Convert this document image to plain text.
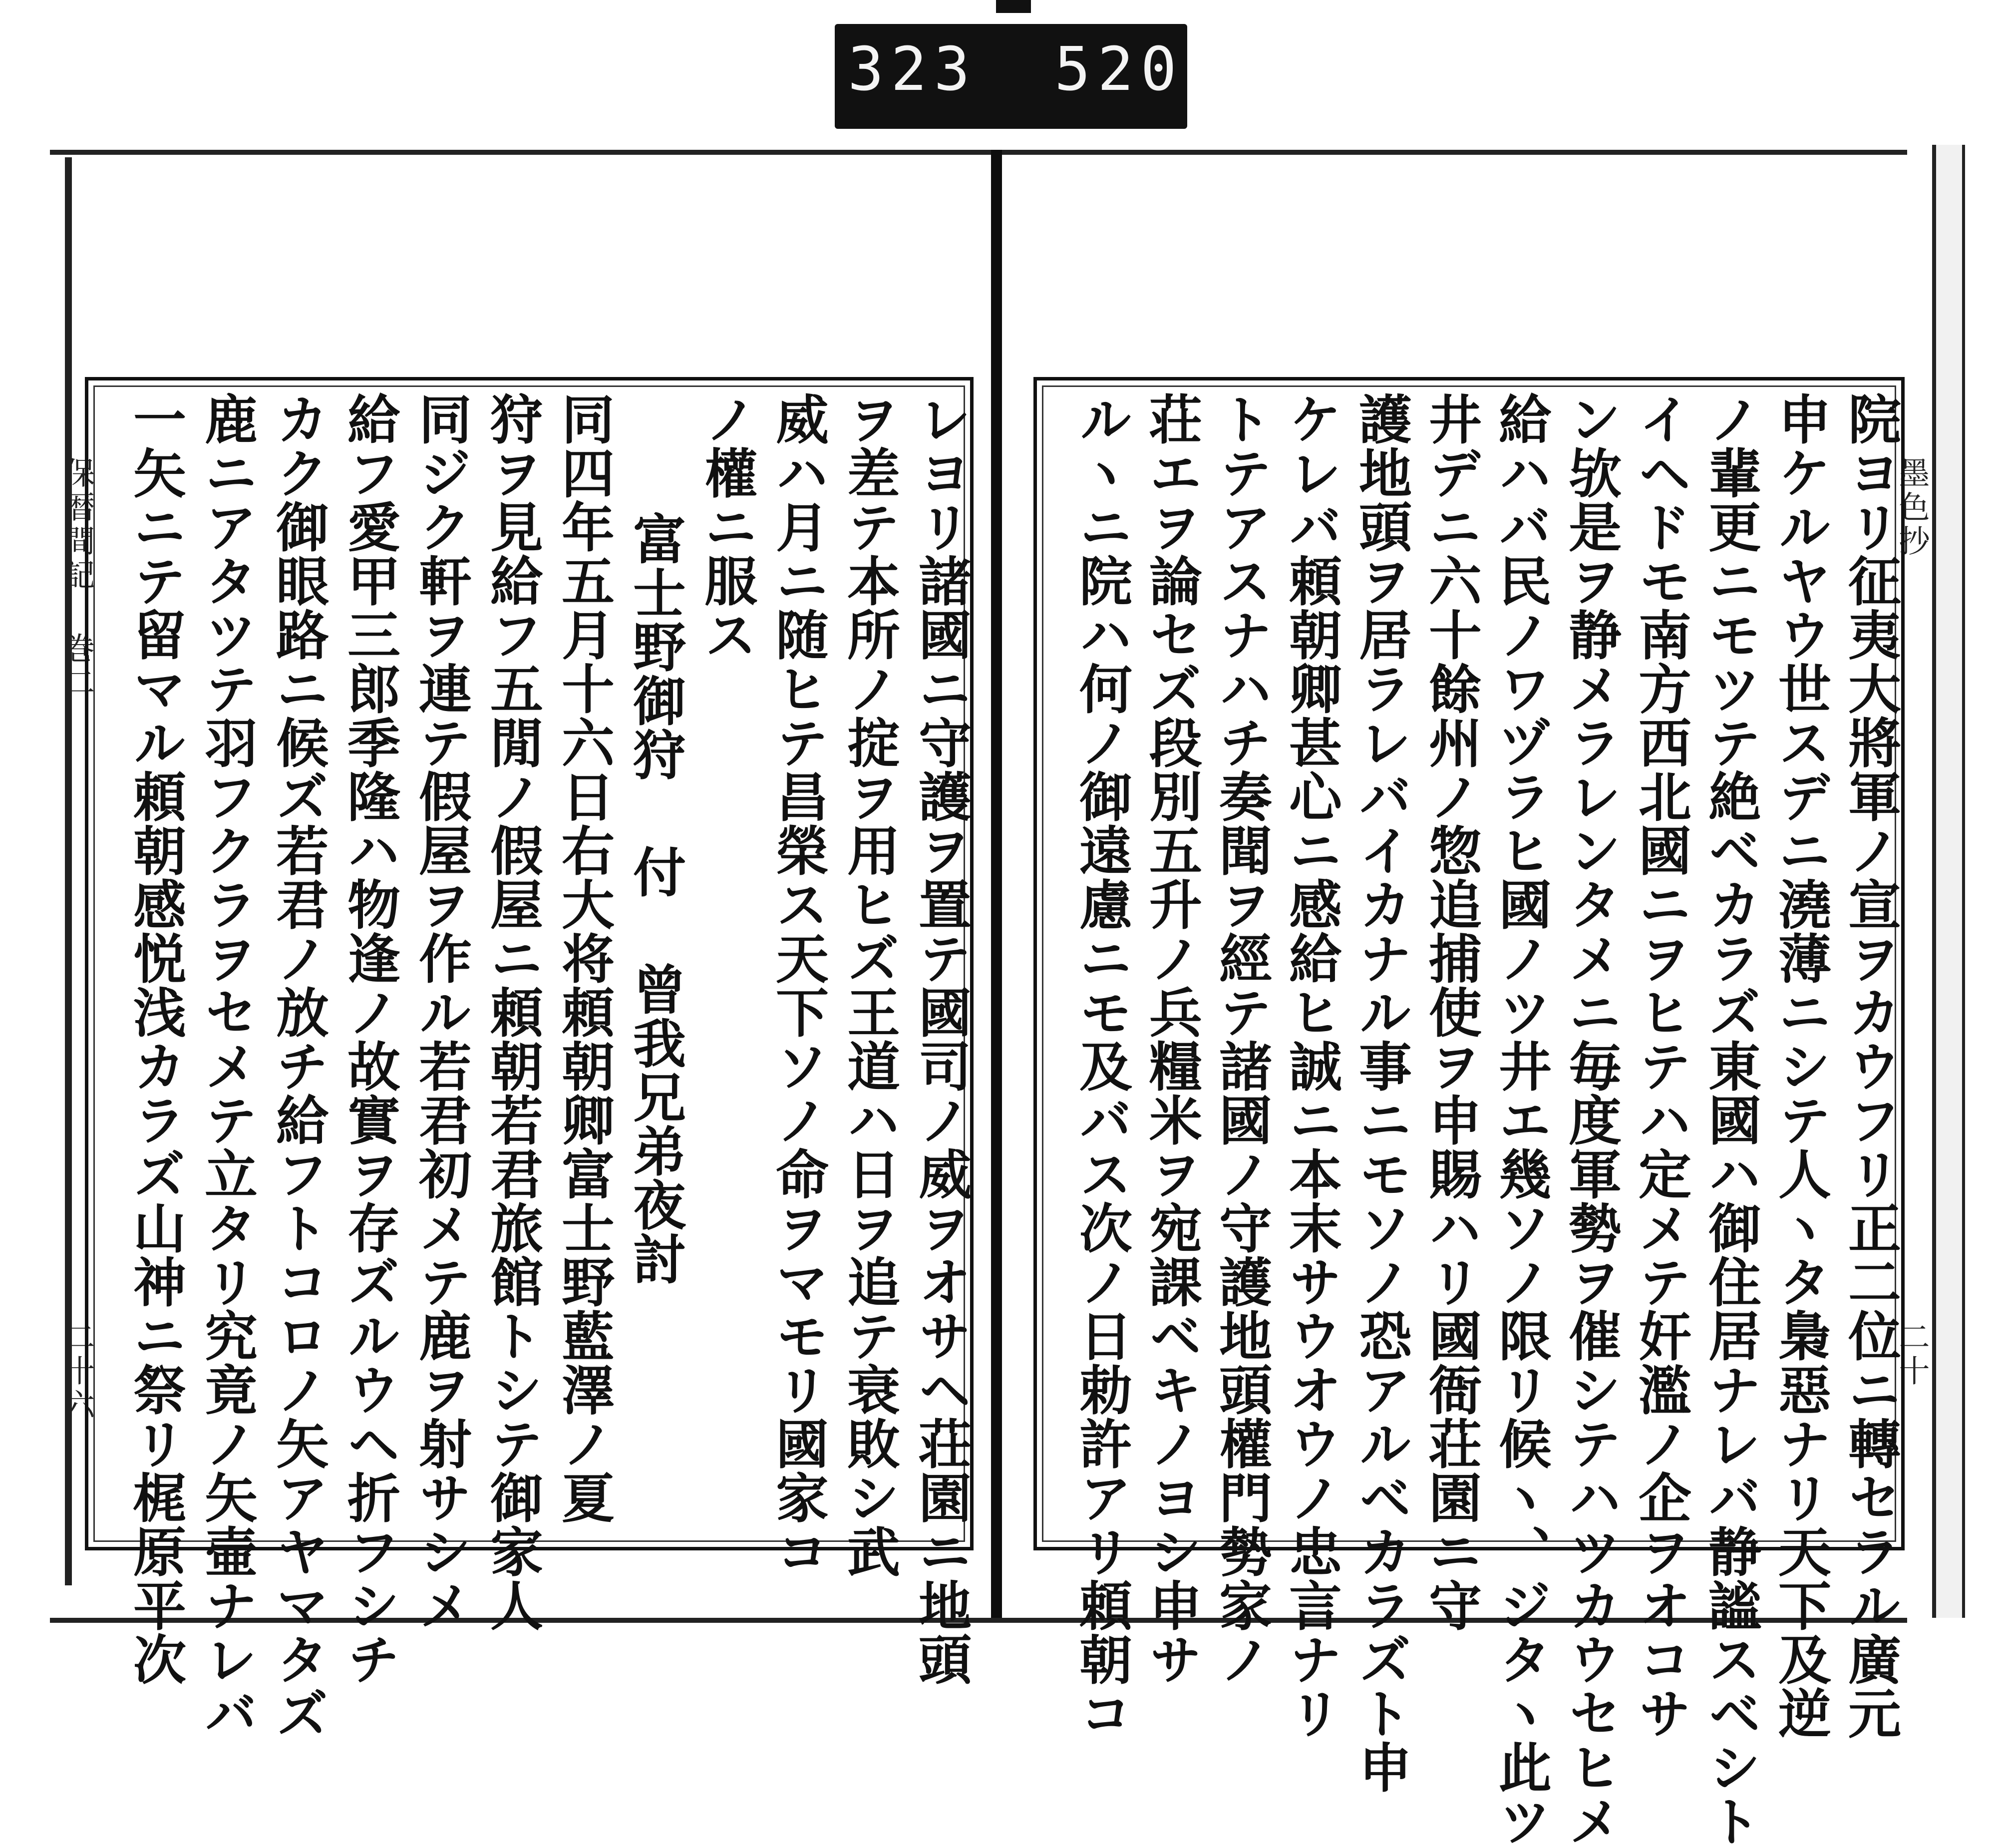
323 520
保暦間記 巻二
二十六	レヨリ諸國ニ守護ヲ置テ國司ノ威ヲオサヘ荘園ニ地頭
ヲ差テ本所ノ掟ヲ用ヒズ王道ハ日ヲ追テ衰敗シ武
威ハ月ニ随ヒテ昌榮ス天下ソノ命ヲマモリ國家コ
ノ權ニ服ス
富士野御狩 付 曾我兄弟夜討
同四年五月十六日右大将頼朝卿富士野藍澤ノ夏
狩ヲ見給フ五閒ノ假屋ニ頼朝若君旅館トシテ御家人
同ジク軒ヲ連テ假屋ヲ作ル若君初メテ鹿ヲ射サシメ
給フ愛甲三郎季隆ハ物逢ノ故實ヲ存ズルウヘ折フシチ
カク御眼路ニ候ズ若君ノ放チ給フトコロノ矢アヤマタズ
鹿ニアタツテ羽フクラヲセメテ立タリ究竟ノ矢壷ナレバ
一矢ニテ留マル頼朝感悦浅カラズ山神ニ祭リ梶原平次	墨色抄
二十
院ヨリ征夷大將軍ノ宣ヲカウフリ正二位ニ轉セラル廣元
申ケルヤウ世スデニ澆薄ニシテ人ヽタ梟惡ナリ天下及逆
ノ輩更ニモツテ絶ベカラズ東國ハ御住居ナレバ静謐スベシト
イヘドモ南方西北國ニヲヒテハ定メテ奸濫ノ企ヲオコサ
ン欤是ヲ静メラレンタメニ毎度軍勢ヲ催シテハツカウセヒメ
給ハバ民ノワヅラヒ國ノツ井エ幾ソノ限リ候ヽ、ジタヽ此ツ
井デニ六十餘州ノ惣追捕使ヲ申賜ハリ國衙荘園ニ守
護地頭ヲ居ラレバイカナル事ニモソノ恐アルベカラズト申
ケレバ頼朝卿甚心ニ感給ヒ誠ニ本末サウオウノ忠言ナリ
トテアスナハチ奏聞ヲ經テ諸國ノ守護地頭權門勢家ノ
荘エヲ論セズ段別五升ノ兵糧米ヲ宛課ベキノヨシ申サ
ルヽニ院ハ何ノ御遠慮ニモ及バス次ノ日勅許アリ頼朝コ
